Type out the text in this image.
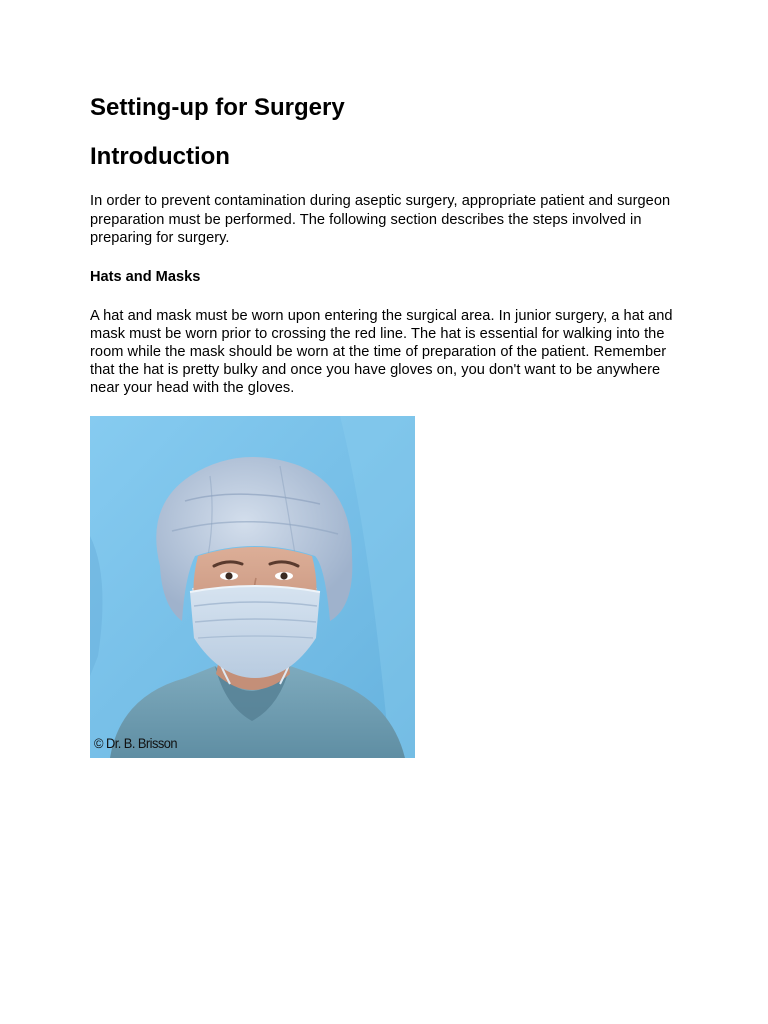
Setting-up for Surgery
Introduction

In order to prevent contamination during aseptic surgery, appropriate patient and surgeon preparation must be performed. The following section describes the steps involved in preparing for surgery.

Hats and Masks

A hat and mask must be worn upon entering the surgical area. In junior surgery, a hat and mask must be worn prior to crossing the red line. The hat is essential for walking into the room while the mask should be worn at the time of preparation of the patient. Remember that the hat is pretty bulky and once you have gloves on, you don't want to be anywhere near your head with the gloves.

© Dr. B. Brisson
